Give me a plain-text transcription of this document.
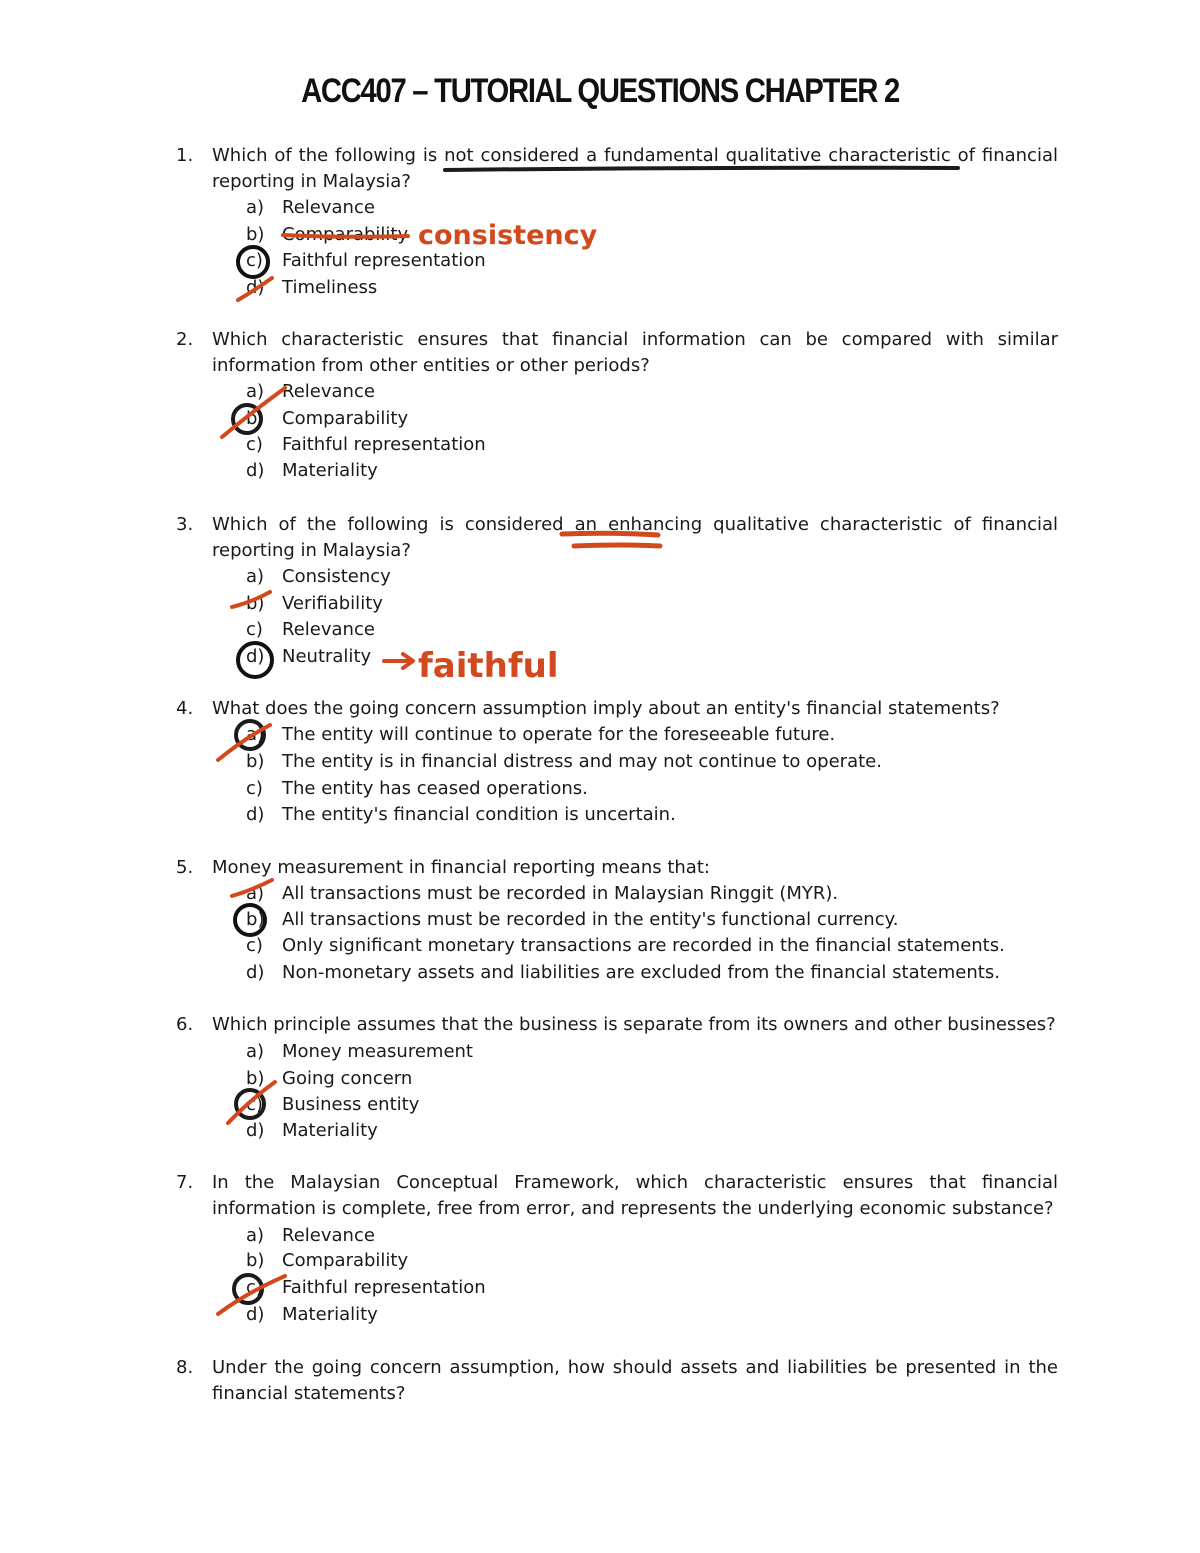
ACC407 – TUTORIAL QUESTIONS CHAPTER 2
1. Which of the following is not considered a fundamental qualitative characteristic of financial reporting in Malaysia?
a) Relevance
b) Comparability
c) Faithful representation
d) Timeliness
2. Which characteristic ensures that financial information can be compared with similar information from other entities or other periods?
a) Relevance
b) Comparability
c) Faithful representation
d) Materiality
3. Which of the following is considered an enhancing qualitative characteristic of financial reporting in Malaysia?
a) Consistency
b) Verifiability
c) Relevance
d) Neutrality
4. What does the going concern assumption imply about an entity's financial statements?
a) The entity will continue to operate for the foreseeable future.
b) The entity is in financial distress and may not continue to operate.
c) The entity has ceased operations.
d) The entity's financial condition is uncertain.
5. Money measurement in financial reporting means that:
a) All transactions must be recorded in Malaysian Ringgit (MYR).
b) All transactions must be recorded in the entity's functional currency.
c) Only significant monetary transactions are recorded in the financial statements.
d) Non-monetary assets and liabilities are excluded from the financial statements.
6. Which principle assumes that the business is separate from its owners and other businesses?
a) Money measurement
b) Going concern
c) Business entity
d) Materiality
7. In the Malaysian Conceptual Framework, which characteristic ensures that financial information is complete, free from error, and represents the underlying economic substance?
a) Relevance
b) Comparability
c) Faithful representation
d) Materiality
8. Under the going concern assumption, how should assets and liabilities be presented in the financial statements?
consistency
faithful
